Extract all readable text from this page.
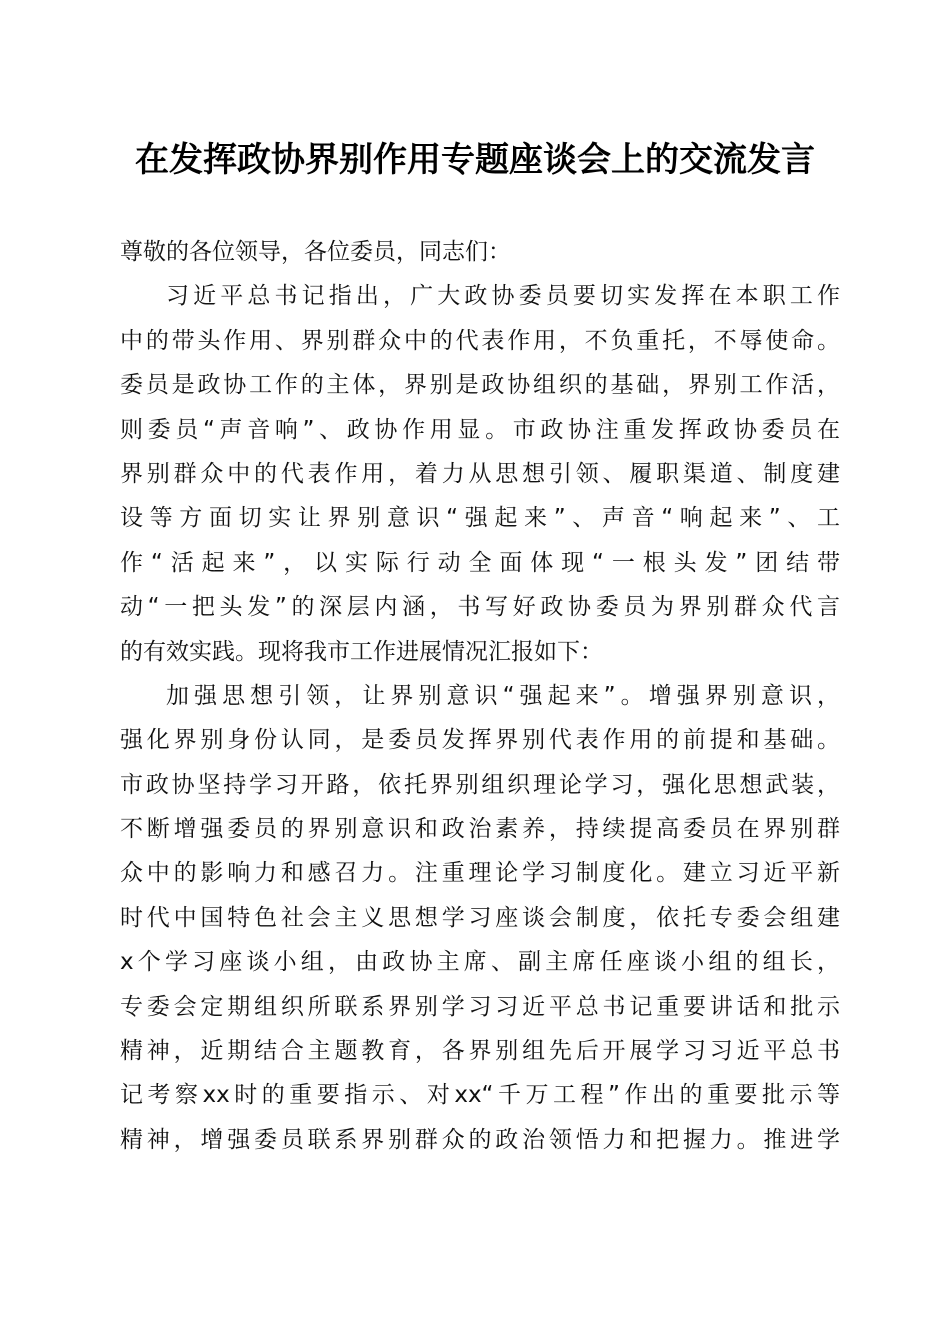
在发挥政协界别作用专题座谈会上的交流发言
尊敬的各位领导，各位委员，同志们：
习近平总书记指出，广大政协委员要切实发挥在本职工作
中的带头作用、界别群众中的代表作用，不负重托，不辱使命。
委员是政协工作的主体，界别是政协组织的基础，界别工作活，
则委员“声音响”、政协作用显。市政协注重发挥政协委员在
界别群众中的代表作用，着力从思想引领、履职渠道、制度建
设等方面切实让界别意识“强起来”、声音“响起来”、工
作“活起来”，以实际行动全面体现“一根头发”团结带
动“一把头发”的深层内涵，书写好政协委员为界别群众代言
的有效实践。现将我市工作进展情况汇报如下：
加强思想引领，让界别意识“强起来”。增强界别意识，
强化界别身份认同，是委员发挥界别代表作用的前提和基础。
市政协坚持学习开路，依托界别组织理论学习，强化思想武装，
不断增强委员的界别意识和政治素养，持续提高委员在界别群
众中的影响力和感召力。注重理论学习制度化。建立习近平新
时代中国特色社会主义思想学习座谈会制度，依托专委会组建
x个学习座谈小组，由政协主席、副主席任座谈小组的组长，
专委会定期组织所联系界别学习习近平总书记重要讲话和批示
精神，近期结合主题教育，各界别组先后开展学习习近平总书
记考察xx时的重要指示、对xx“千万工程”作出的重要批示等
精神，增强委员联系界别群众的政治领悟力和把握力。推进学
